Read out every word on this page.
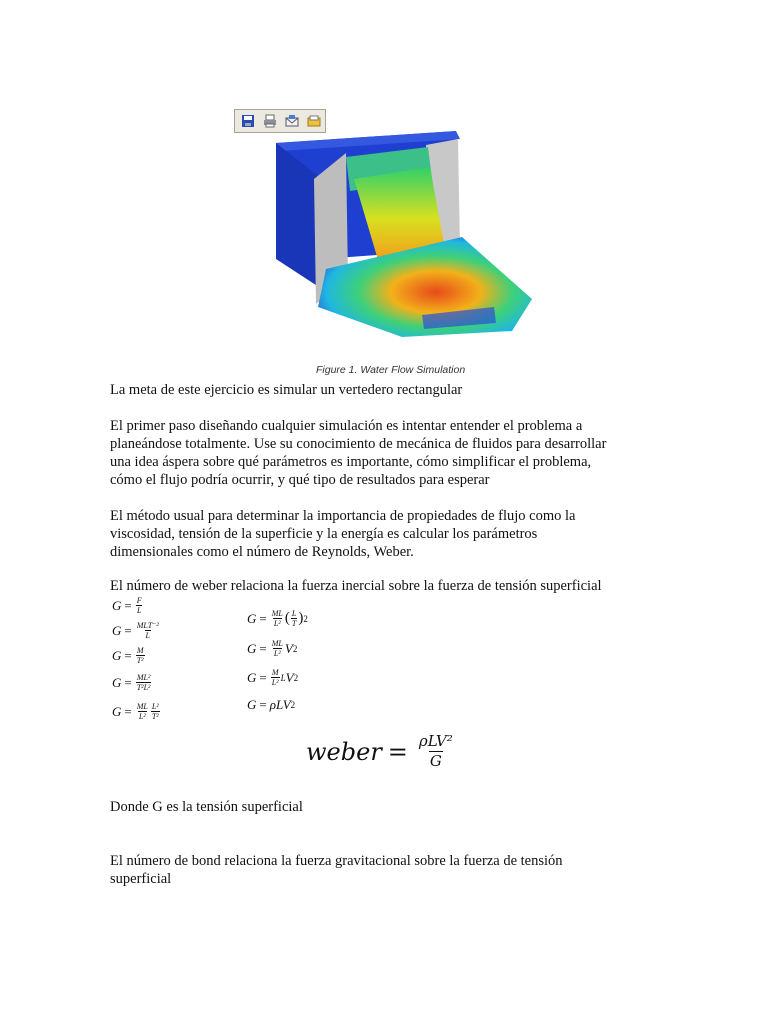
Figure 1. Water Flow Simulation
La meta de este ejercicio es simular un vertedero rectangular
El primer paso diseñando cualquier simulación es intentar entender el problema a
planeándose totalmente. Use su conocimiento de mecánica de fluidos para desarrollar
una idea áspera sobre qué parámetros es importante, cómo simplificar el problema,
cómo el flujo podría ocurrir, y qué tipo de resultados para esperar
El método usual para determinar la importancia de propiedades de flujo como la
viscosidad, tensión de la superficie y la energía es calcular los parámetros
dimensionales como el número de Reynolds, Weber.
El número de weber relaciona la fuerza inercial sobre la fuerza de tensión superficial
$G = \frac{F}{L}$
$G = \frac{\text{MLT⁻²}}{L}$
$G = \frac{M}{\text{T²}}$
$G = \frac{\text{ML²}}{\text{T²L²}}$
$G = \frac{ML}{\text{L²}} \frac{\text{L²}}{\text{T²}}$
$G = \frac{ML}{\text{L²}}$ ( $\frac{L}{T}$ ) 2
$G = \frac{ML}{\text{L²}}$ V 2
$G = \frac{M}{\text{L²}}$ L V 2
G = ρLV 2
weber = $\frac{\text{ρLV²}}{G}$
Donde G es la tensión superficial
El número de bond relaciona la fuerza gravitacional sobre la fuerza de tensión
superficial
